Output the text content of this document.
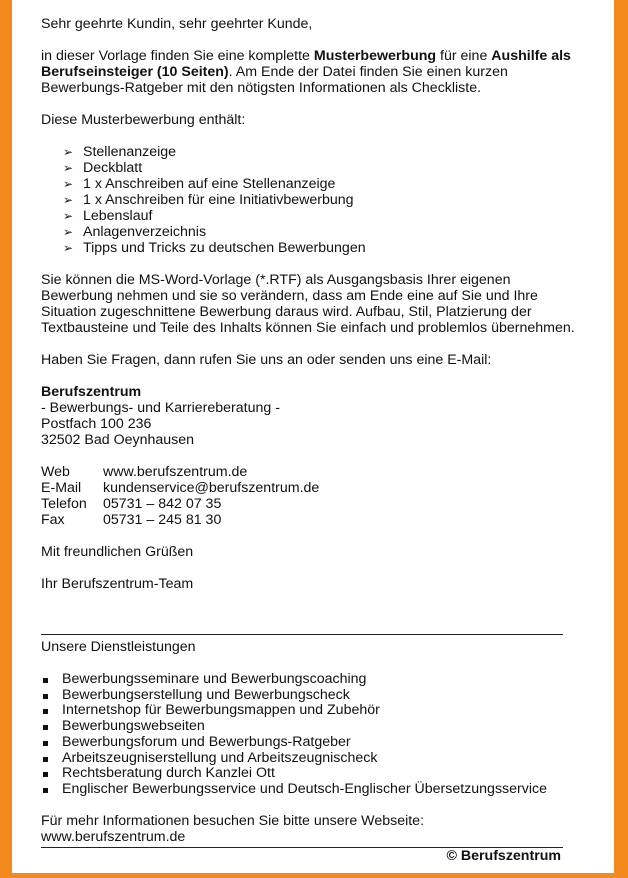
Sehr geehrte Kundin, sehr geehrter Kunde,

in dieser Vorlage finden Sie eine komplette Musterbewerbung für eine Aushilfe als Berufseinsteiger (10 Seiten). Am Ende der Datei finden Sie einen kurzen Bewerbungs-Ratgeber mit den nötigsten Informationen als Checkliste.

Diese Musterbewerbung enthält:

➢ Stellenanzeige
➢ Deckblatt
➢ 1 x Anschreiben auf eine Stellenanzeige
➢ 1 x Anschreiben für eine Initiativbewerbung
➢ Lebenslauf
➢ Anlagenverzeichnis
➢ Tipps und Tricks zu deutschen Bewerbungen

Sie können die MS-Word-Vorlage (*.RTF) als Ausgangsbasis Ihrer eigenen Bewerbung nehmen und sie so verändern, dass am Ende eine auf Sie und Ihre Situation zugeschnittene Bewerbung daraus wird. Aufbau, Stil, Platzierung der Textbausteine und Teile des Inhalts können Sie einfach und problemlos übernehmen.

Haben Sie Fragen, dann rufen Sie uns an oder senden uns eine E-Mail:

Berufszentrum

- Bewerbungs- und Karriereberatung -

Postfach 100 236

32502 Bad Oeynhausen

Web	www.berufszentrum.de
E-Mail	kundenservice@berufszentrum.de
Telefon	05731 – 842 07 35
Fax	05731 – 245 81 30

Mit freundlichen Grüßen

Ihr Berufszentrum-Team

Unsere Dienstleistungen
Bewerbungsseminare und Bewerbungscoaching
Bewerbungserstellung und Bewerbungscheck
Internetshop für Bewerbungsmappen und Zubehör
Bewerbungswebseiten
Bewerbungsforum und Bewerbungs-Ratgeber
Arbeitszeugniserstellung und Arbeitszeugnischeck
Rechtsberatung durch Kanzlei Ott
Englischer Bewerbungsservice und Deutsch-Englischer Übersetzungsservice
Für mehr Informationen besuchen Sie bitte unsere Webseite: www.berufszentrum.de
© Berufszentrum
